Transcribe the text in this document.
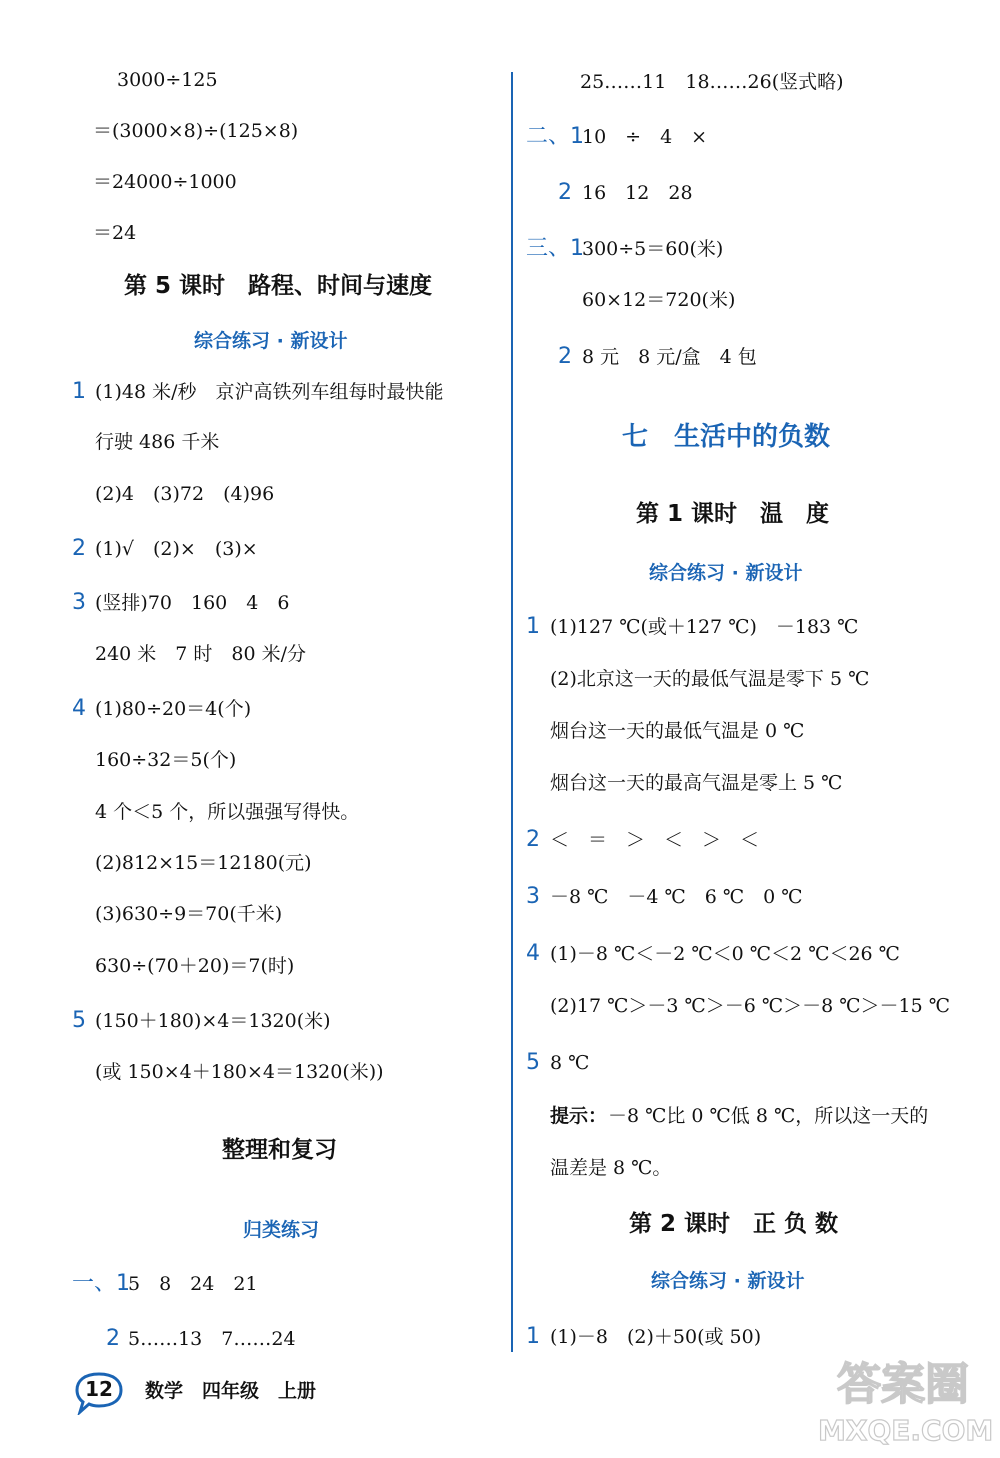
3000÷125
＝(3000×8)÷(125×8)
＝24000÷1000
＝24
第 5 课时　路程、时间与速度
综合练习 · 新设计
1 (1)48 米/秒　京沪高铁列车组每时最快能
行驶 486 千米
(2)4　(3)72　(4)96
2 (1)√　(2)×　(3)×
3 (竖排)70　160　4　6
240 米　7 时　80 米/分
4 (1)80÷20＝4(个)
160÷32＝5(个)
4 个＜5 个，所以强强写得快。
(2)812×15＝12180(元)
(3)630÷9＝70(千米)
630÷(70＋20)＝7(时)
5 (150＋180)×4＝1320(米)
(或 150×4＋180×4＝1320(米))
整理和复习
归类练习
一、1
5　8　24　21
2 5……13　7……24
25……11　18……26(竖式略)
二、1
10　÷　4　×
2 16　12　28
三、1
300÷5＝60(米)
60×12＝720(米)
2 8 元　8 元/盒　4 包
七　生活中的负数
第 1 课时　温　度
综合练习 · 新设计
1 (1)127 ℃(或＋127 ℃)　－183 ℃
(2)北京这一天的最低气温是零下 5 ℃
烟台这一天的最低气温是 0 ℃
烟台这一天的最高气温是零上 5 ℃
2 ＜　＝　＞　＜　＞　＜
3 －8 ℃　－4 ℃　6 ℃　0 ℃
4 (1)－8 ℃＜－2 ℃＜0 ℃＜2 ℃＜26 ℃
(2)17 ℃＞－3 ℃＞－6 ℃＞－8 ℃＞－15 ℃
5 8 ℃
提示： －8 ℃比 0 ℃低 8 ℃，所以这一天的
温差是 8 ℃。
第 2 课时　正 负 数
综合练习 · 新设计
1 (1)－8　(2)＋50(或 50)
12	数学　四年级　上册	答案圈
MXQE.COM
